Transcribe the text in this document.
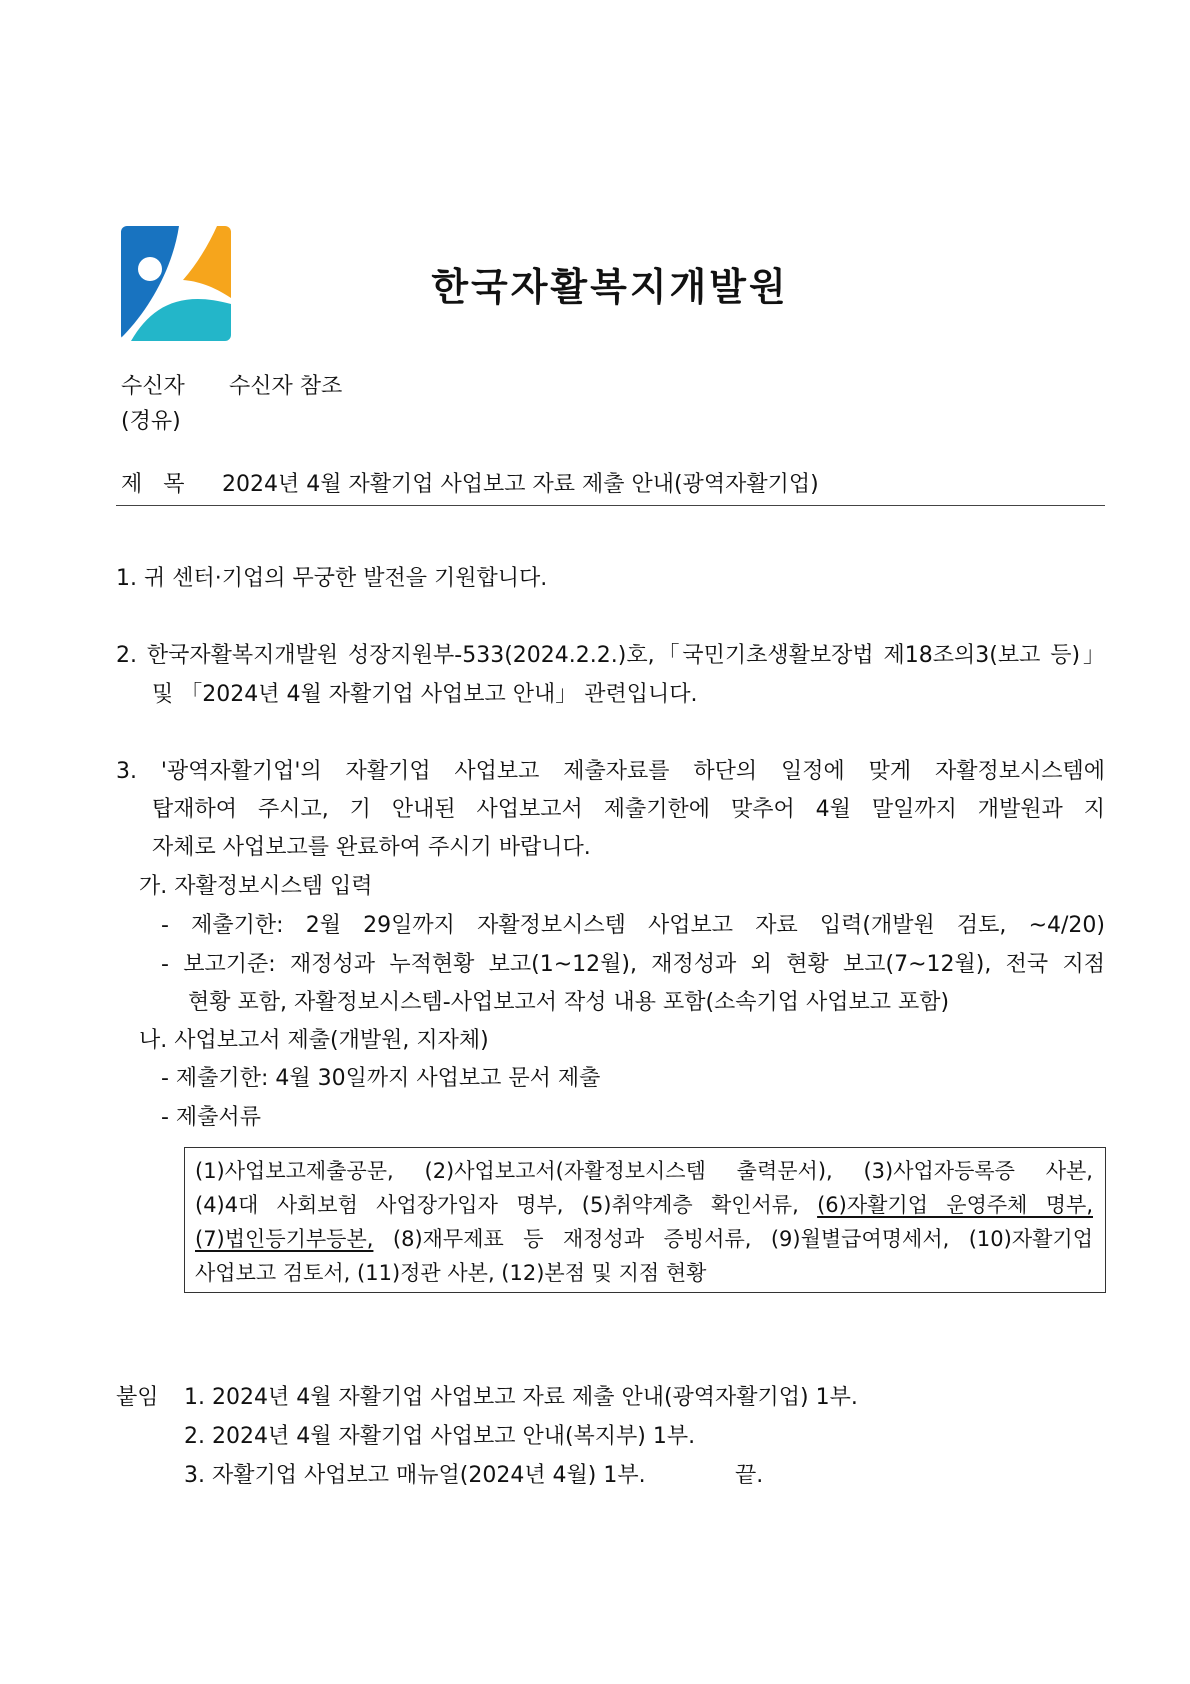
한국자활복지개발원
수신자 수신자 참조
(경유)
제   목 2024년 4월 자활기업 사업보고 자료 제출 안내(광역자활기업)
1. 귀 센터·기업의 무궁한 발전을 기원합니다.
2. 한국자활복지개발원 성장지원부-533(2024.2.2.)호,「국민기초생활보장법 제18조의3(보고 등)」
및 「2024년 4월 자활기업 사업보고 안내」 관련입니다.
3. '광역자활기업'의 자활기업 사업보고 제출자료를 하단의 일정에 맞게 자활정보시스템에
탑재하여 주시고, 기 안내된 사업보고서 제출기한에 맞추어 4월 말일까지 개발원과 지
자체로 사업보고를 완료하여 주시기 바랍니다.
가. 자활정보시스템 입력
- 제출기한: 2월 29일까지 자활정보시스템 사업보고 자료 입력(개발원 검토, ~4/20)
- 보고기준: 재정성과 누적현황 보고(1~12월), 재정성과 외 현황 보고(7~12월), 전국 지점
현황 포함, 자활정보시스템-사업보고서 작성 내용 포함(소속기업 사업보고 포함)
나. 사업보고서 제출(개발원, 지자체)
- 제출기한: 4월 30일까지 사업보고 문서 제출
- 제출서류
(1)사업보고제출공문, (2)사업보고서(자활정보시스템 출력문서), (3)사업자등록증 사본,
(4)4대 사회보험 사업장가입자 명부, (5)취약계층 확인서류, (6)자활기업 운영주체 명부,
(7)법인등기부등본, (8)재무제표 등 재정성과 증빙서류, (9)월별급여명세서, (10)자활기업
사업보고 검토서, (11)정관 사본, (12)본점 및 지점 현황
붙임 1. 2024년 4월 자활기업 사업보고 자료 제출 안내(광역자활기업) 1부.
2. 2024년 4월 자활기업 사업보고 안내(복지부) 1부.
3. 자활기업 사업보고 매뉴얼(2024년 4월) 1부.	끝.
